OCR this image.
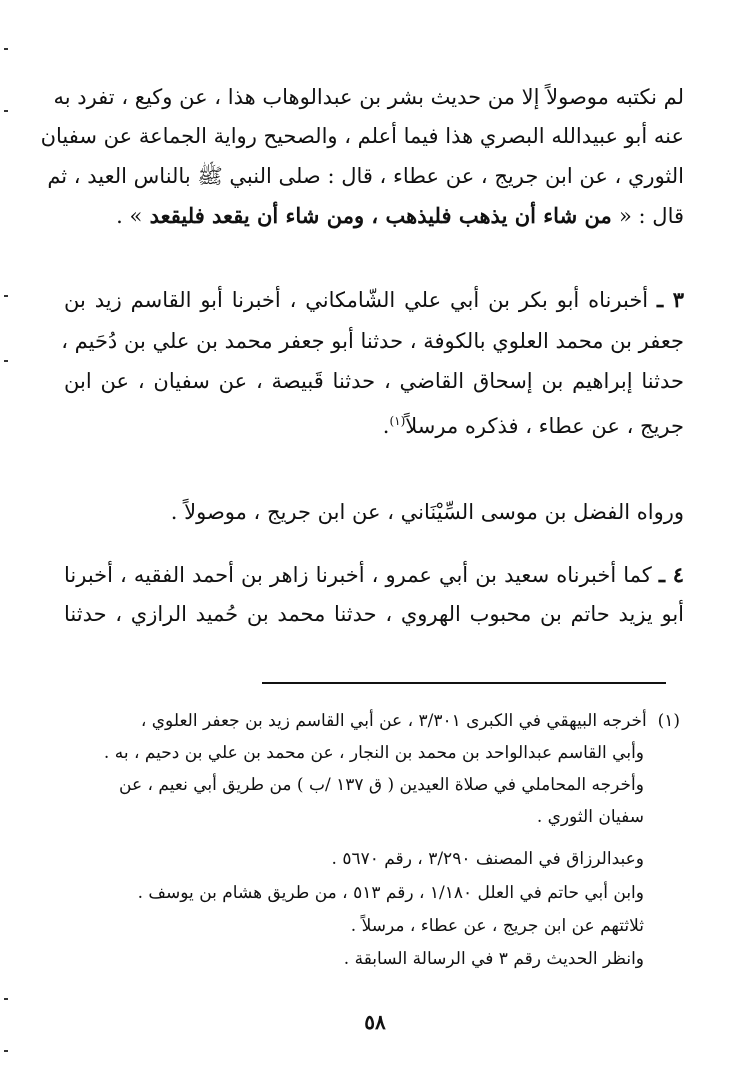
لم نكتبه موصولاً إلا من حديث بشر بن عبدالوهاب هذا ، عن وكيع ، تفرد به
عنه أبو عبيدالله البصري هذا فيما أعلم ، والصحيح رواية الجماعة عن سفيان
الثوري ، عن ابن جريج ، عن عطاء ، قال : صلى النبي ﷺ بالناس العيد ، ثم
قال : « من شاء أن يذهب فليذهب ، ومن شاء أن يقعد فليقعد » .
٣ ـ أخبرناه أبو بكر بن أبي علي الشّامكاني ، أخبرنا أبو القاسم زيد بن
جعفر بن محمد العلوي بالكوفة ، حدثنا أبو جعفر محمد بن علي بن دُحَيم ،
حدثنا إبراهيم بن إسحاق القاضي ، حدثنا قَبيصة ، عن سفيان ، عن ابن
جريج ، عن عطاء ، فذكره مرسلاً$^{(١)}$.
ورواه الفضل بن موسى السِّيْنَاني ، عن ابن جريج ، موصولاً .
٤ ـ كما أخبرناه سعيد بن أبي عمرو ، أخبرنا زاهر بن أحمد الفقيه ، أخبرنا
أبو يزيد حاتم بن محبوب الهروي ، حدثنا محمد بن حُميد الرازي ، حدثنا
(١)  أخرجه البيهقي في الكبرى ٣/٣٠١ ، عن أبي القاسم زيد بن جعفر العلوي ،
وأبي القاسم عبدالواحد بن محمد بن النجار ، عن محمد بن علي بن دحيم ، به .
وأخرجه المحاملي في صلاة العيدين ( ق ١٣٧ /ب ) من طريق أبي نعيم ، عن
سفيان الثوري .
وعبدالرزاق في المصنف ٣/٢٩٠ ، رقم ٥٦٧٠ .
وابن أبي حاتم في العلل ١/١٨٠ ، رقم ٥١٣ ، من طريق هشام بن يوسف .
ثلاثتهم عن ابن جريج ، عن عطاء ، مرسلاً .
وانظر الحديث رقم ٣ في الرسالة السابقة .
٥٨
